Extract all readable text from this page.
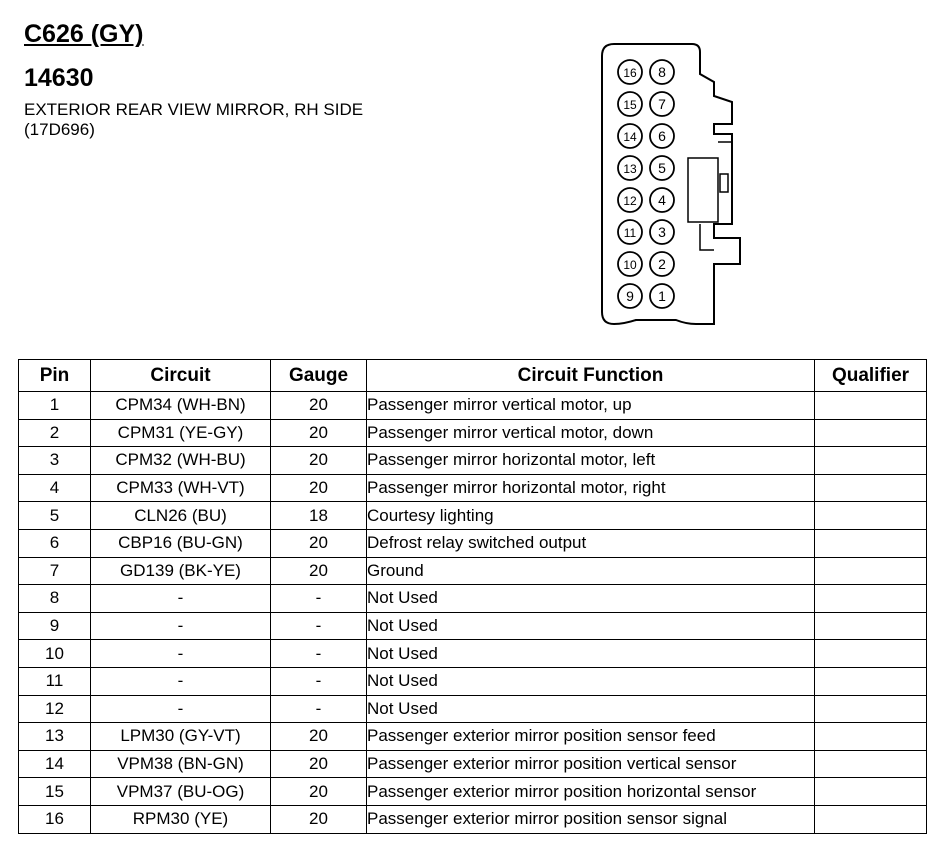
C626 (GY)
14630
EXTERIOR REAR VIEW MIRROR, RH SIDE (17D696)
16 8
15 7
14 6
13 5
12 4
11 3
10 2
9 1
Pin	Circuit	Gauge	Circuit Function	Qualifier
1	CPM34 (WH-BN)	20	Passenger mirror vertical motor, up	
2	CPM31 (YE-GY)	20	Passenger mirror vertical motor, down	
3	CPM32 (WH-BU)	20	Passenger mirror horizontal motor, left	
4	CPM33 (WH-VT)	20	Passenger mirror horizontal motor, right	
5	CLN26 (BU)	18	Courtesy lighting	
6	CBP16 (BU-GN)	20	Defrost relay switched output	
7	GD139 (BK-YE)	20	Ground	
8	-	-	Not Used	
9	-	-	Not Used	
10	-	-	Not Used	
11	-	-	Not Used	
12	-	-	Not Used	
13	LPM30 (GY-VT)	20	Passenger exterior mirror position sensor feed	
14	VPM38 (BN-GN)	20	Passenger exterior mirror position vertical sensor	
15	VPM37 (BU-OG)	20	Passenger exterior mirror position horizontal sensor	
16	RPM30 (YE)	20	Passenger exterior mirror position sensor signal	
